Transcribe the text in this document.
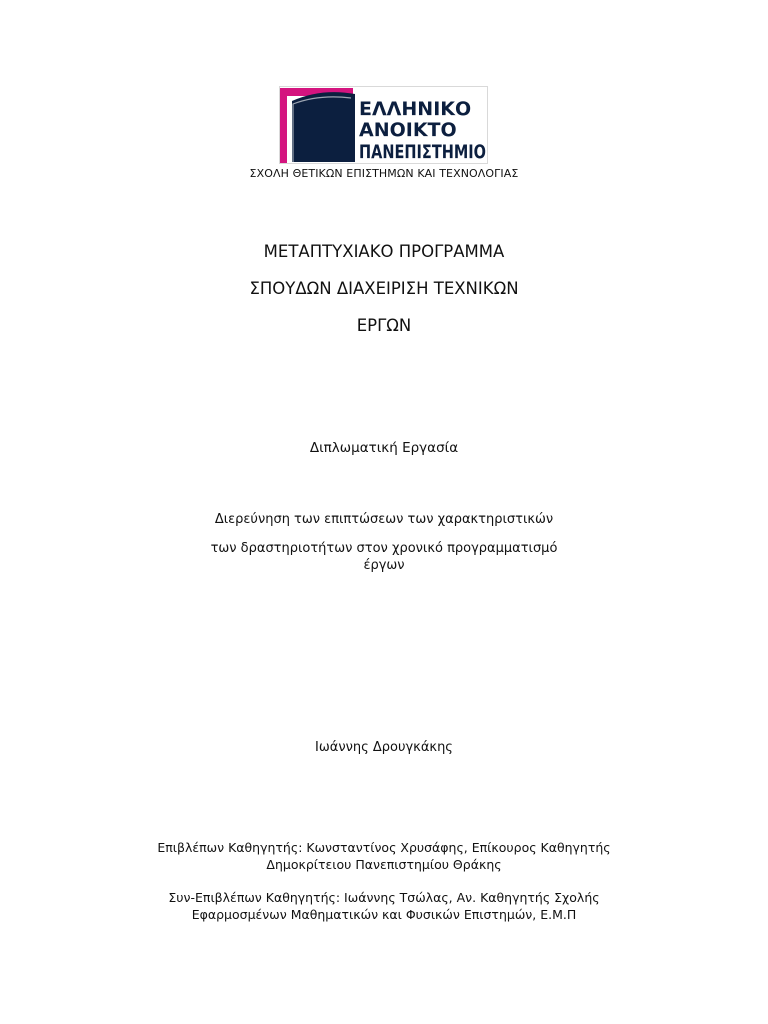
ΕΛΛΗΝΙΚΟ
ΑΝΟΙΚΤΟ
ΠΑΝΕΠΙΣΤΗΜΙΟ
ΣΧΟΛΗ ΘΕΤΙΚΩΝ ΕΠΙΣΤΗΜΩΝ ΚΑΙ ΤΕΧΝΟΛΟΓΙΑΣ
ΜΕΤΑΠΤΥΧΙΑΚΟ ΠΡΟΓΡΑΜΜΑ
ΣΠΟΥΔΩΝ ΔΙΑΧΕΙΡΙΣΗ ΤΕΧΝΙΚΩΝ
ΕΡΓΩΝ
Διπλωματική Εργασία
Διερεύνηση των επιπτώσεων των χαρακτηριστικών
των δραστηριοτήτων στον χρονικό προγραμματισμό
έργων
Ιωάννης Δρουγκάκης
Επιβλέπων Καθηγητής: Κωνσταντίνος Χρυσάφης, Επίκουρος Καθηγητής
Δημοκρίτειου Πανεπιστημίου Θράκης
Συν-Επιβλέπων Καθηγητής: Ιωάννης Τσώλας, Αν. Καθηγητής Σχολής
Εφαρμοσμένων Μαθηματικών και Φυσικών Επιστημών, Ε.Μ.Π
